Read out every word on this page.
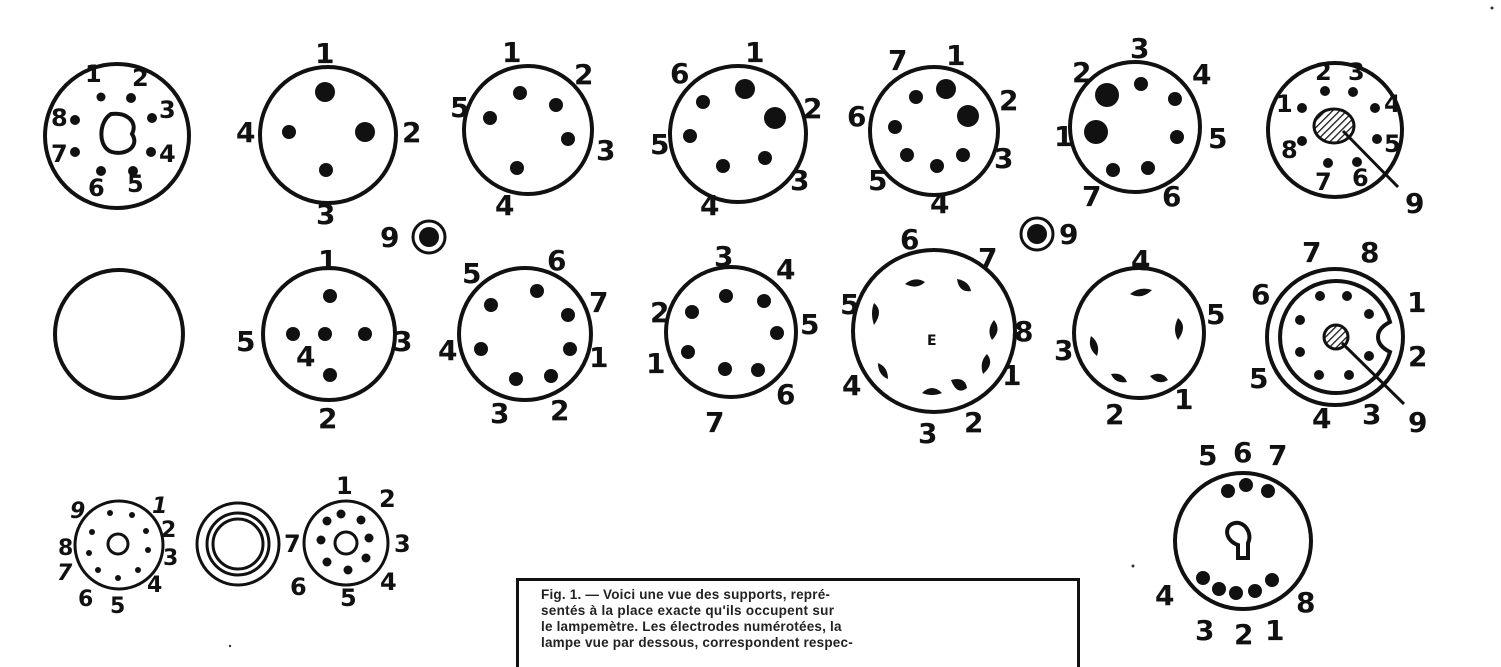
1 2
3
4
5
6
7
8
1
2
3
4
1
2
3
4
5
1
2
3
4
5
6
1
2
3
4
5
6
7
1
2
3
4
5
6
7
1
2 3
4
5
6
7
8
9
9	9
1
2
3
4
5	1
2
3
4
5 6
7
1
2
3 4
5
6
7
E
1
2
3
4
5
6
7
8
1
2
3
4
5	1
2
3
4
5
6
7 8
9
1
2
3
4
5
6
7
8
9
1 2
3
4
5
6
7
1
2
3
4
5 6 7
8
Fig. 1. — Voici une vue des supports, repré-
sentés à la place exacte qu'ils occupent sur
le lampemètre. Les électrodes numérotées, la
lampe vue par dessous, correspondent respec-
